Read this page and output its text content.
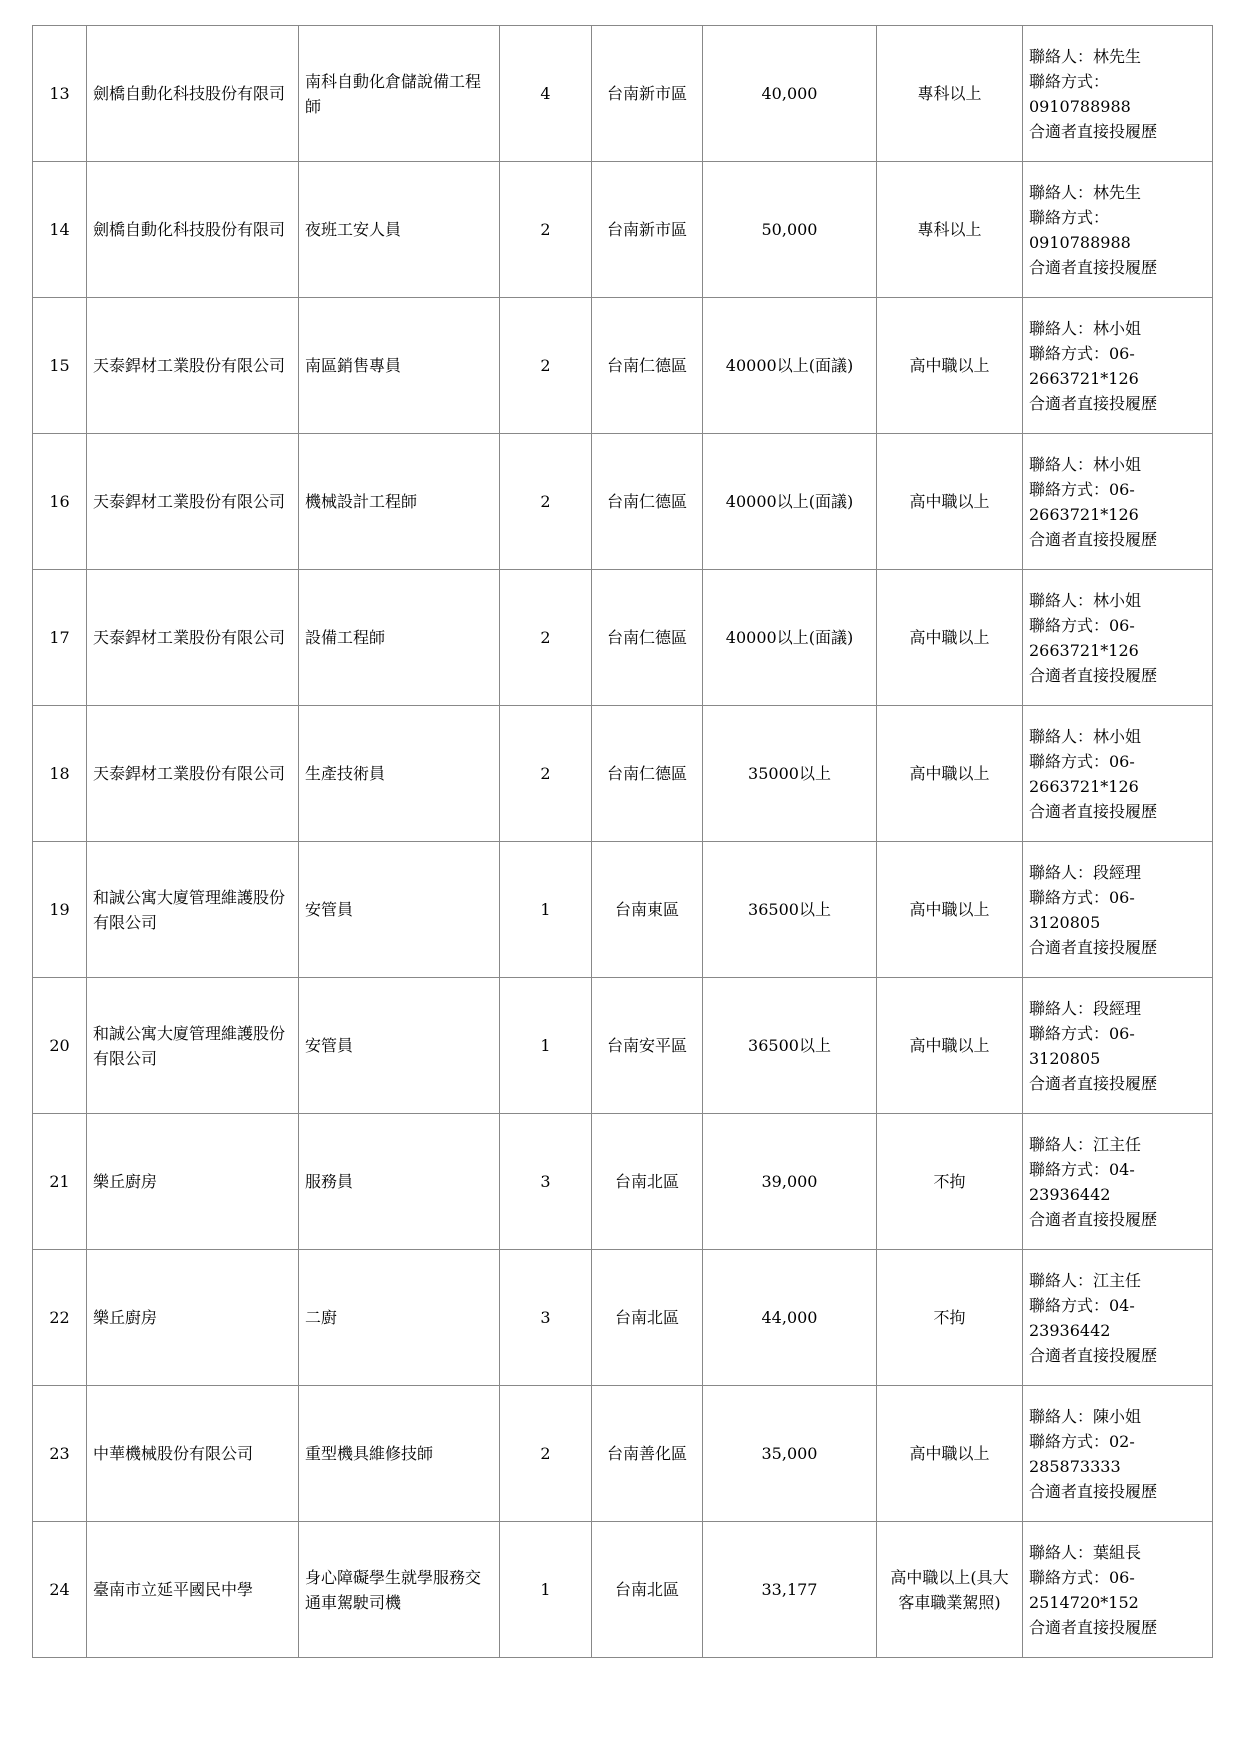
13	劍橋自動化科技股份有限司	南科自動化倉儲說備工程師	4	台南新市區	40,000	專科以上	聯絡人：林先生
聯絡方式：
0910788988
合適者直接投履歷

14	劍橋自動化科技股份有限司	夜班工安人員	2	台南新市區	50,000	專科以上	聯絡人：林先生
聯絡方式：
0910788988
合適者直接投履歷

15	天泰銲材工業股份有限公司	南區銷售專員	2	台南仁德區	40000以上(面議)	高中職以上	聯絡人：林小姐
聯絡方式：06-
2663721*126
合適者直接投履歷

16	天泰銲材工業股份有限公司	機械設計工程師	2	台南仁德區	40000以上(面議)	高中職以上	聯絡人：林小姐
聯絡方式：06-
2663721*126
合適者直接投履歷

17	天泰銲材工業股份有限公司	設備工程師	2	台南仁德區	40000以上(面議)	高中職以上	聯絡人：林小姐
聯絡方式：06-
2663721*126
合適者直接投履歷

18	天泰銲材工業股份有限公司	生產技術員	2	台南仁德區	35000以上	高中職以上	聯絡人：林小姐
聯絡方式：06-
2663721*126
合適者直接投履歷

19	和誠公寓大廈管理維護股份有限公司	安管員	1	台南東區	36500以上	高中職以上	聯絡人：段經理
聯絡方式：06-
3120805
合適者直接投履歷

20	和誠公寓大廈管理維護股份有限公司	安管員	1	台南安平區	36500以上	高中職以上	聯絡人：段經理
聯絡方式：06-
3120805
合適者直接投履歷

21	樂丘廚房	服務員	3	台南北區	39,000	不拘	聯絡人：江主任
聯絡方式：04-
23936442
合適者直接投履歷

22	樂丘廚房	二廚	3	台南北區	44,000	不拘	聯絡人：江主任
聯絡方式：04-
23936442
合適者直接投履歷

23	中華機械股份有限公司	重型機具維修技師	2	台南善化區	35,000	高中職以上	聯絡人：陳小姐
聯絡方式：02-
285873333
合適者直接投履歷

24	臺南市立延平國民中學	身心障礙學生就學服務交通車駕駛司機	1	台南北區	33,177	高中職以上(具大客車職業駕照)	聯絡人：葉組長
聯絡方式：06-
2514720*152
合適者直接投履歷
